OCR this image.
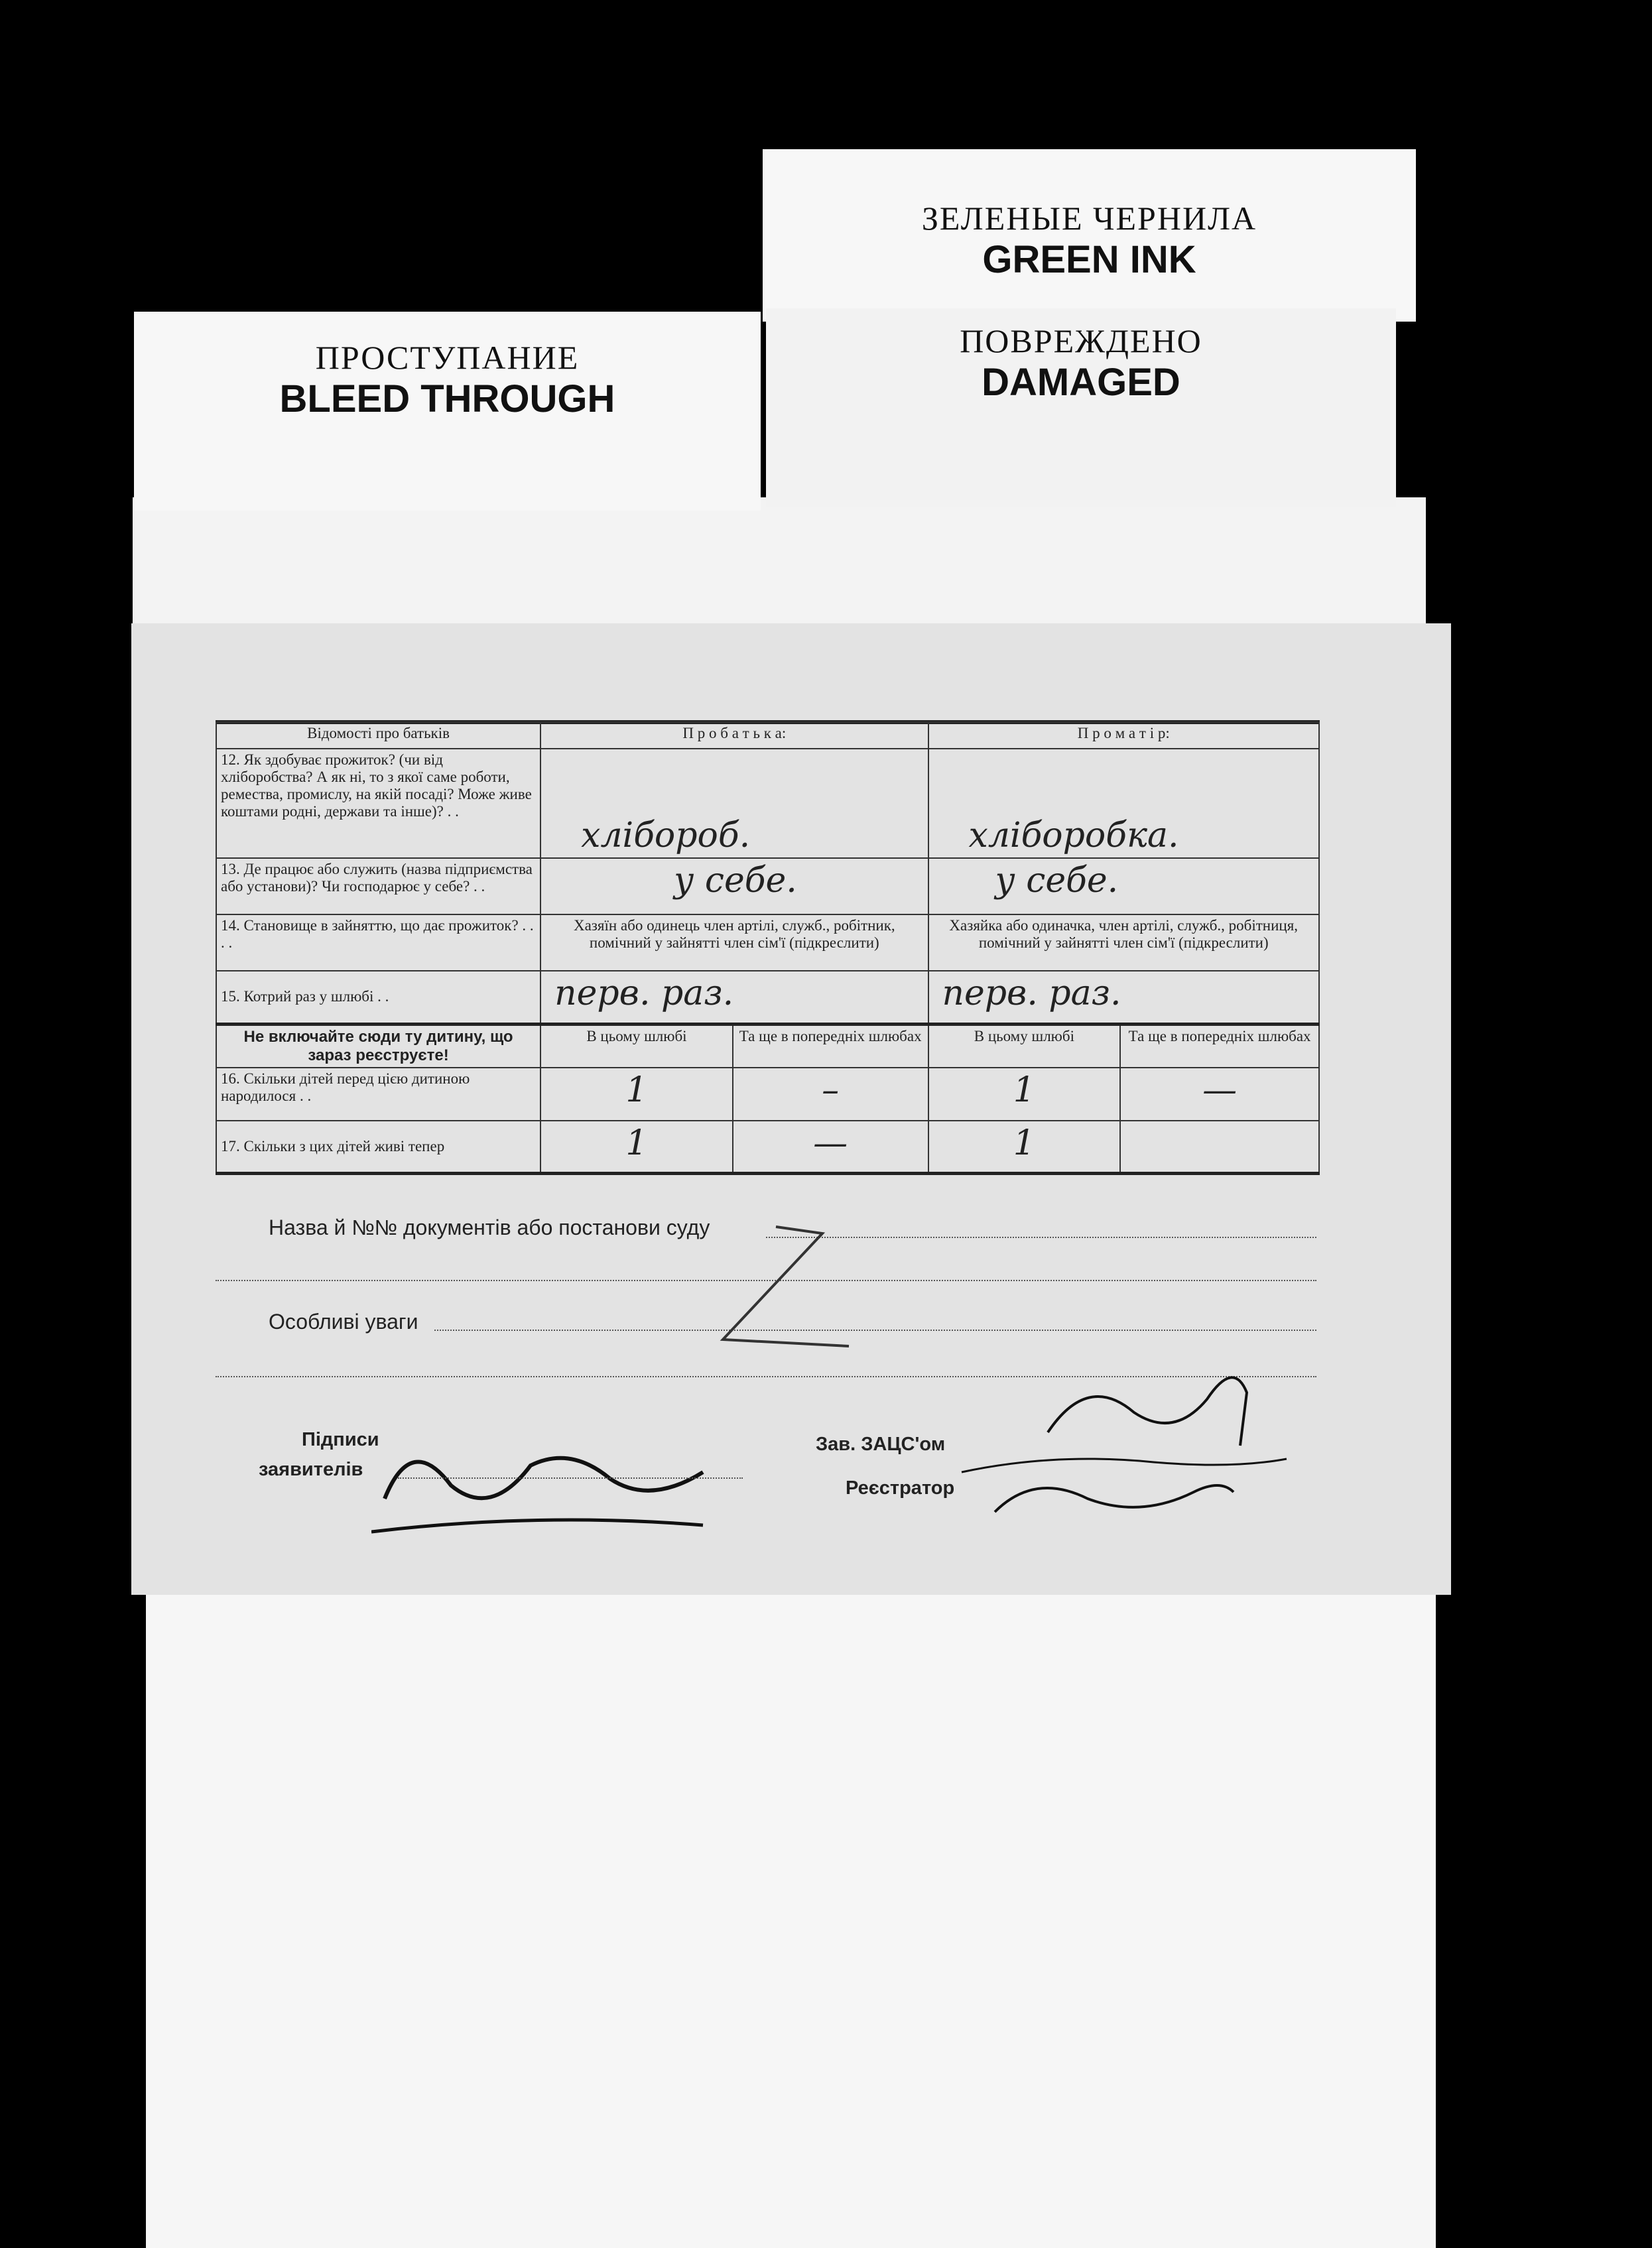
ЗЕЛЕНЫЕ ЧЕРНИЛА
GREEN INK
ПОВРЕЖДЕНО
DAMAGED
ПРОСТУПАНИЕ
BLEED THROUGH
Відомості про батьків	П р о б а т ь к а:		П р о м а т і р:	
12. Як здобуває прожиток? (чи від хліборобства? А як ні, то з якої саме роботи, ремества, промислу, на якій посаді? Може живе коштами родні, держави та інше)? . .	хлібороб.		хліборобка.	
13. Де працює або служить (назва підприємства або установи)? Чи господарює у себе? . .	у себе.		у себе.	
14. Становище в зайняттю, що дає прожиток? . . . .	Хазяїн або одинець член артілі, служб., робітник, помічний у зайнятті член сім'ї (підкреслити)		Хазяйка або одиначка, член артілі, служб., робітниця, помічний у зайнятті член сім'ї (підкреслити)	
15. Котрий раз у шлюбі . .	перв. раз.		перв. раз.	
Не включайте сюди ту дитину, що зараз реєструєте!	В цьому шлюбі	Та ще в попередніх шлюбах	В цьому шлюбі	Та ще в попередніх шлюбах
16. Скільки дітей перед цією дитиною народилося . .	1	–	1	—
17. Скільки з цих дітей живі тепер	1	—	1	
Назва й №№ документів або постанови суду
Особливі уваги
Підписи
заявителів
Зав. ЗАЦС'ом
Реєстратор
